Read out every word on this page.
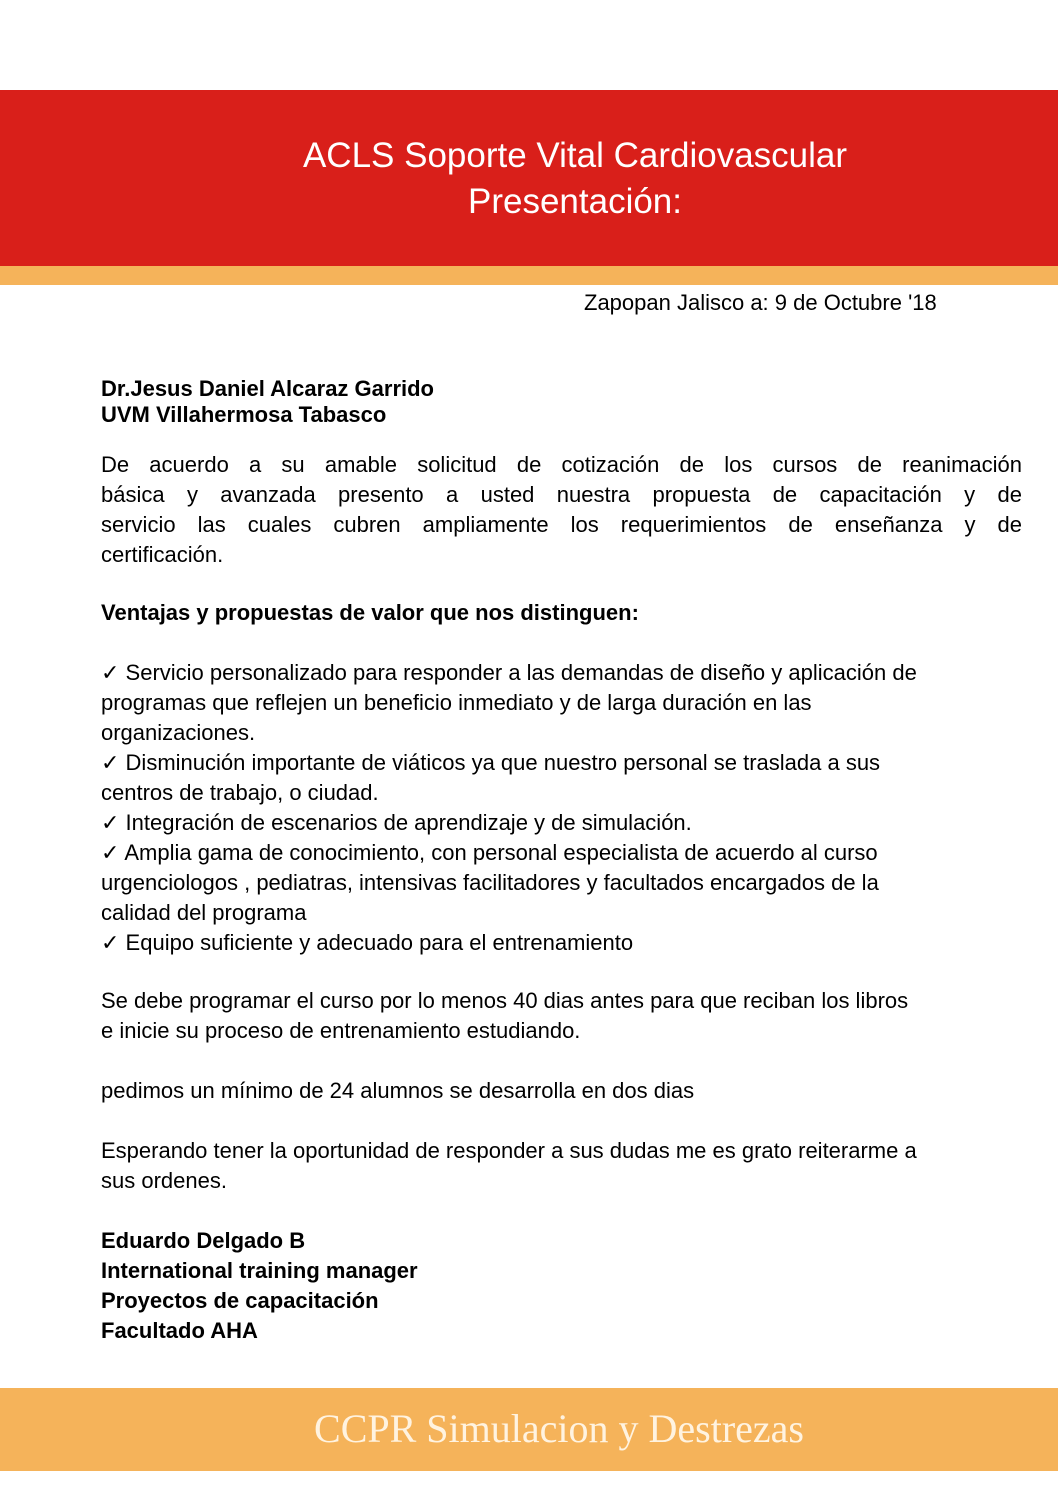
ACLS Soporte Vital Cardiovascular
Presentación:
Zapopan Jalisco a: 9 de Octubre '18
Dr.Jesus Daniel Alcaraz Garrido
UVM Villahermosa Tabasco
De acuerdo a su amable solicitud de cotización de los cursos de reanimación
básica y avanzada presento a usted nuestra propuesta de capacitación y de
servicio las cuales cubren ampliamente los requerimientos de enseñanza y de
certificación.
Ventajas y propuestas de valor que nos distinguen:
✓ Servicio personalizado para responder a las demandas de diseño y aplicación de
programas que reflejen un beneficio inmediato y de larga duración en las
organizaciones.
✓ Disminución importante de viáticos ya que nuestro personal se traslada a sus
centros de trabajo, o ciudad.
✓ Integración de escenarios de aprendizaje y de simulación.
✓ Amplia gama de conocimiento, con personal especialista de acuerdo al curso
urgenciologos , pediatras, intensivas facilitadores y facultados encargados de la
calidad del programa
✓ Equipo suficiente y adecuado para el entrenamiento
Se debe programar el curso por lo menos 40 dias antes para que reciban los libros
e inicie su proceso de entrenamiento estudiando.
pedimos un mínimo de 24 alumnos se desarrolla en dos dias
Esperando tener la oportunidad de responder a sus dudas me es grato reiterarme a
sus ordenes.
Eduardo Delgado B
International training manager
Proyectos de capacitación
Facultado AHA
CCPR Simulacion y Destrezas
